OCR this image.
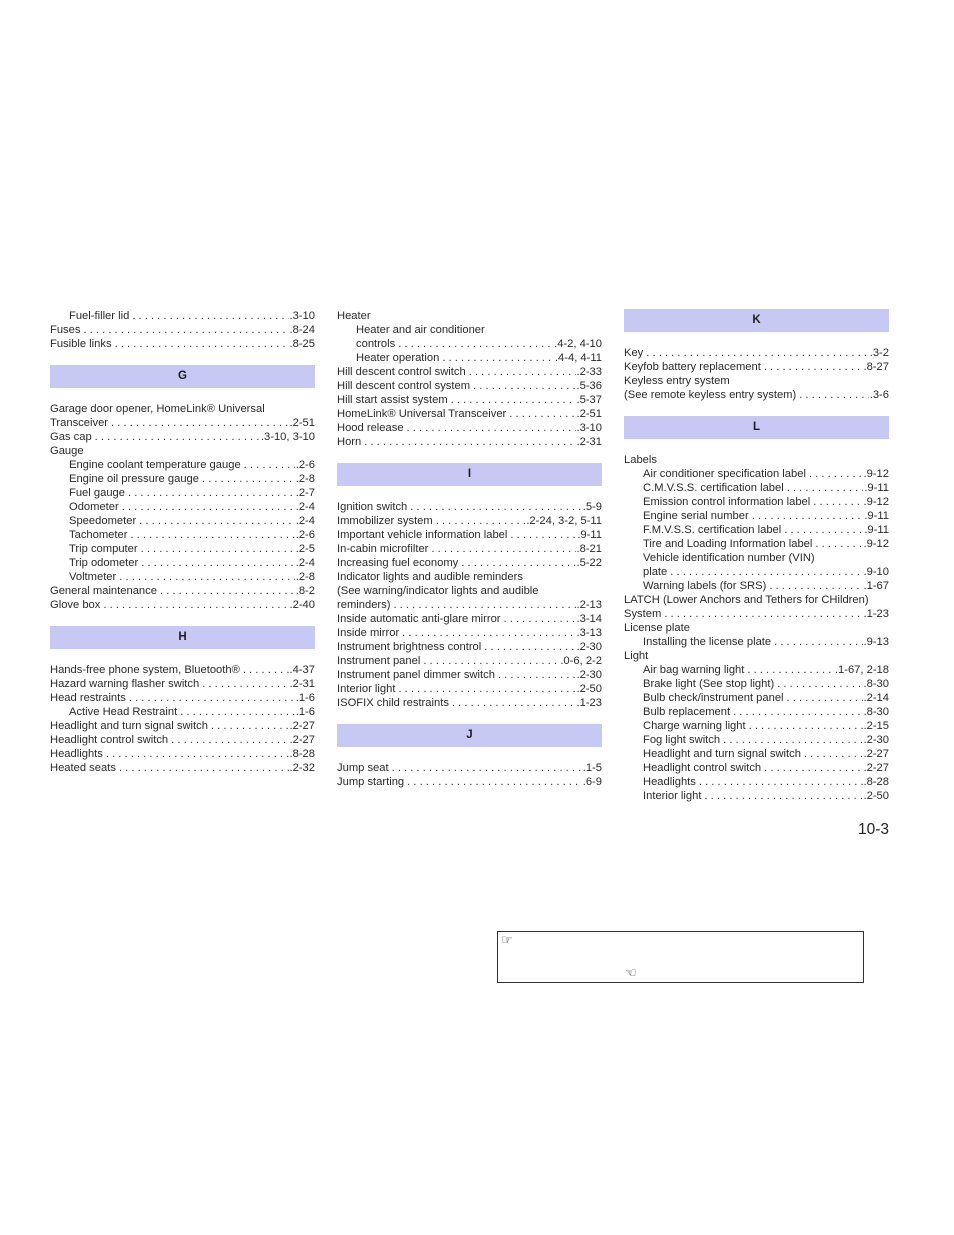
Fuel-filler lid . . .	.3-10
Fuses . . .	.8-24
Fusible links . . .	.8-25
G
Garage door opener, HomeLink® Universal
Transceiver . . .	.2-51
Gas cap . . .	.3-10, 3-10
Gauge
Engine coolant temperature gauge . . .	.2-6
Engine oil pressure gauge . . .	.2-8
Fuel gauge . . .	.2-7
Odometer . . .	.2-4
Speedometer . . .	.2-4
Tachometer . . .	.2-6
Trip computer . . .	.2-5
Trip odometer . . .	.2-4
Voltmeter . . .	.2-8
General maintenance . . .	.8-2
Glove box . . .	.2-40
H
Hands-free phone system, Bluetooth® . . .	.4-37
Hazard warning flasher switch . . .	.2-31
Head restraints . . .	.1-6
Active Head Restraint . . .	.1-6
Headlight and turn signal switch . . .	.2-27
Headlight control switch . . .	.2-27
Headlights . . .	.8-28
Heated seats . . .	.2-32
Heater
Heater and air conditioner
controls . . .	.4-2, 4-10
Heater operation . . .	.4-4, 4-11
Hill descent control switch . . .	.2-33
Hill descent control system . . .	.5-36
Hill start assist system . . .	.5-37
HomeLink® Universal Transceiver . . .	.2-51
Hood release . . .	.3-10
Horn . . .	.2-31
I
Ignition switch . . .	.5-9
Immobilizer system . . .	.2-24, 3-2, 5-11
Important vehicle information label . . .	.9-11
In-cabin microfilter . . .	.8-21
Increasing fuel economy . . .	.5-22
Indicator lights and audible reminders
(See warning/indicator lights and audible
reminders) . . .	.2-13
Inside automatic anti-glare mirror . . .	.3-14
Inside mirror . . .	.3-13
Instrument brightness control . . .	.2-30
Instrument panel . . .	.0-6, 2-2
Instrument panel dimmer switch . . .	.2-30
Interior light . . .	.2-50
ISOFIX child restraints . . .	.1-23
J
Jump seat . . .	.1-5
Jump starting . . .	.6-9
K
Key . . .	.3-2
Keyfob battery replacement . . .	.8-27
Keyless entry system
(See remote keyless entry system) . . .	.3-6
L
Labels
Air conditioner specification label . . .	.9-12
C.M.V.S.S. certification label . . .	.9-11
Emission control information label . . .	.9-12
Engine serial number . . .	.9-11
F.M.V.S.S. certification label . . .	.9-11
Tire and Loading Information label . . .	.9-12
Vehicle identification number (VIN)
plate . . .	.9-10
Warning labels (for SRS) . . .	.1-67
LATCH (Lower Anchors and Tethers for CHildren)
System . . .	.1-23
License plate
Installing the license plate . . .	.9-13
Light
Air bag warning light . . .	.1-67, 2-18
Brake light (See stop light) . . .	.8-30
Bulb check/instrument panel . . .	.2-14
Bulb replacement . . .	.8-30
Charge warning light . . .	.2-15
Fog light switch . . .	.2-30
Headlight and turn signal switch . . .	.2-27
Headlight control switch . . .	.2-27
Headlights . . .	.8-28
Interior light . . .	.2-50
10-3
☞
☞
